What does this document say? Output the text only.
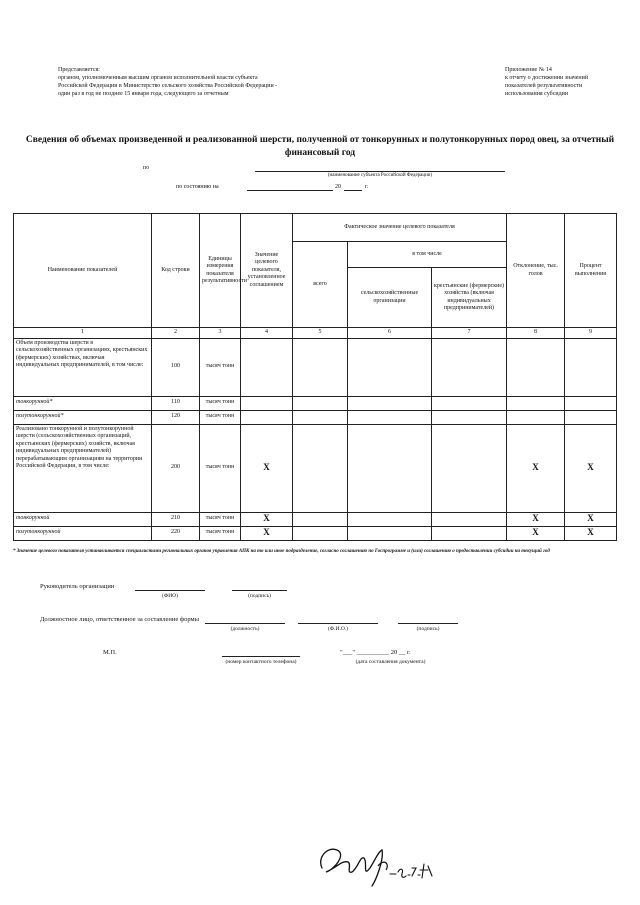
Представляется:
органом, уполномоченным высшим органом исполнительной власти субъекта
Российской Федерации в Министерство сельского хозяйства Российской Федерации -
один раз в год не позднее 15 января года, следующего за отчетным
Приложение № 14
к отчету о достижении значений
показателей результативности
использования субсидии
Сведения об объемах произведенной и реализованной шерсти, полученной от тонкорунных и полутонкорунных пород овец, за отчетный финансовый год
по
(наименование субъекта Российской Федерации)
по состоянию на	20	г.
Наименование показателей	Код строки	Единицы измерения показателя результативности	Значение целевого показателя, установленное соглашением	Фактическое значение целевого показателя			Отклонение, тыс. голов	Процент выполнения
				всего	в том числе			
					сельскохозяйственные организации	крестьянские (фермерские) хозяйства (включая индивидуальных предпринимателей)		
1	2	3	4	5	6	7	8	9
Объем производства шерсти в сельскохозяйственных организациях, крестьянских (фермерских) хозяйствах, включая индивидуальных предпринимателей, в том числе:	100	тысяч тонн						
тонкорунной*	110	тысяч тонн						
полутонкорунной*	120	тысяч тонн						
Реализовано тонкорунной и полутонкорунной шерсти (сельскохозяйственных организаций, крестьянских (фермерских) хозяйств, включая индивидуальных предпринимателей) перерабатывающим организациям на территории Российской Федерации, в том числе:	200	тысяч тонн	X				X	X
тонкорунной	210	тысяч тонн	X				X	X
полутонкорунной	220	тысяч тонн	X				X	X
* Значение целевого показателя устанавливается специалистами региональных органов управления АПК на то или иное подразделение, согласно соглашению по Госпрограмме и (или) соглашению о предоставлении субсидии на текущий год
Руководитель организации
(ФИО)	(подпись)
Должностное лицо, ответственное за составление формы
(должность)	(Ф.И.О.)	(подпись)
М.П.
(номер контактного телефона)
"___" __________ 20 __ г.
(дата составления документа)
